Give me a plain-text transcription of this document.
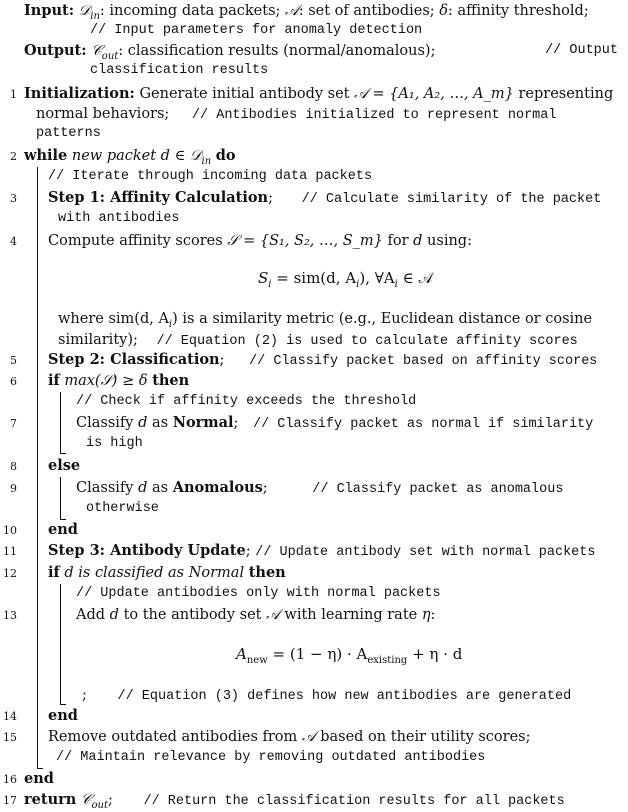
Input: 𝒟$_{in}$: incoming data packets; 𝒜: set of antibodies; δ: affinity threshold;
// Input parameters for anomaly detection
Output: 𝒞$_{out}$: classification results (normal/anomalous);	// Output
classification results
1
2
3
4
5
6
7
8
9
10
11
12
13
14
15
16
17
Initialization: Generate initial antibody set 𝒜 = {A₁, A₂, …, A_m} representing
normal behaviors; // Antibodies initialized to represent normal
patterns
while new packet d ∈ 𝒟$_{in}$ do
// Iterate through incoming data packets
Step 1: Affinity Calculation; // Calculate similarity of the packet
with antibodies
Compute affinity scores 𝒮 = {S₁, S₂, …, S_m} for d using:
$S_i = sim(d$, $A_i$), $\forall A_i$ ∈ 𝒜
where sim(d, $A_i$) is a similarity metric (e.g., Euclidean distance or cosine
similarity); // Equation (2) is used to calculate affinity scores
Step 2: Classification; // Classify packet based on affinity scores
if max(𝒮) ≥ δ then
// Check if affinity exceeds the threshold
Classify d as Normal; // Classify packet as normal if similarity
is high
else
Classify d as Anomalous;	// Classify packet as anomalous
otherwise
end
Step 3: Antibody Update; // Update antibody set with normal packets
if d is classified as Normal then
// Update antibodies only with normal packets
Add d to the antibody set 𝒜 with learning rate η:
$A_{new} = (1 - \eta) \cdot A_{existing} + \eta \cdot d$
; // Equation (3) defines how new antibodies are generated
end
Remove outdated antibodies from 𝒜 based on their utility scores;
// Maintain relevance by removing outdated antibodies
end
return 𝒞$_{out}$; // Return the classification results for all packets
